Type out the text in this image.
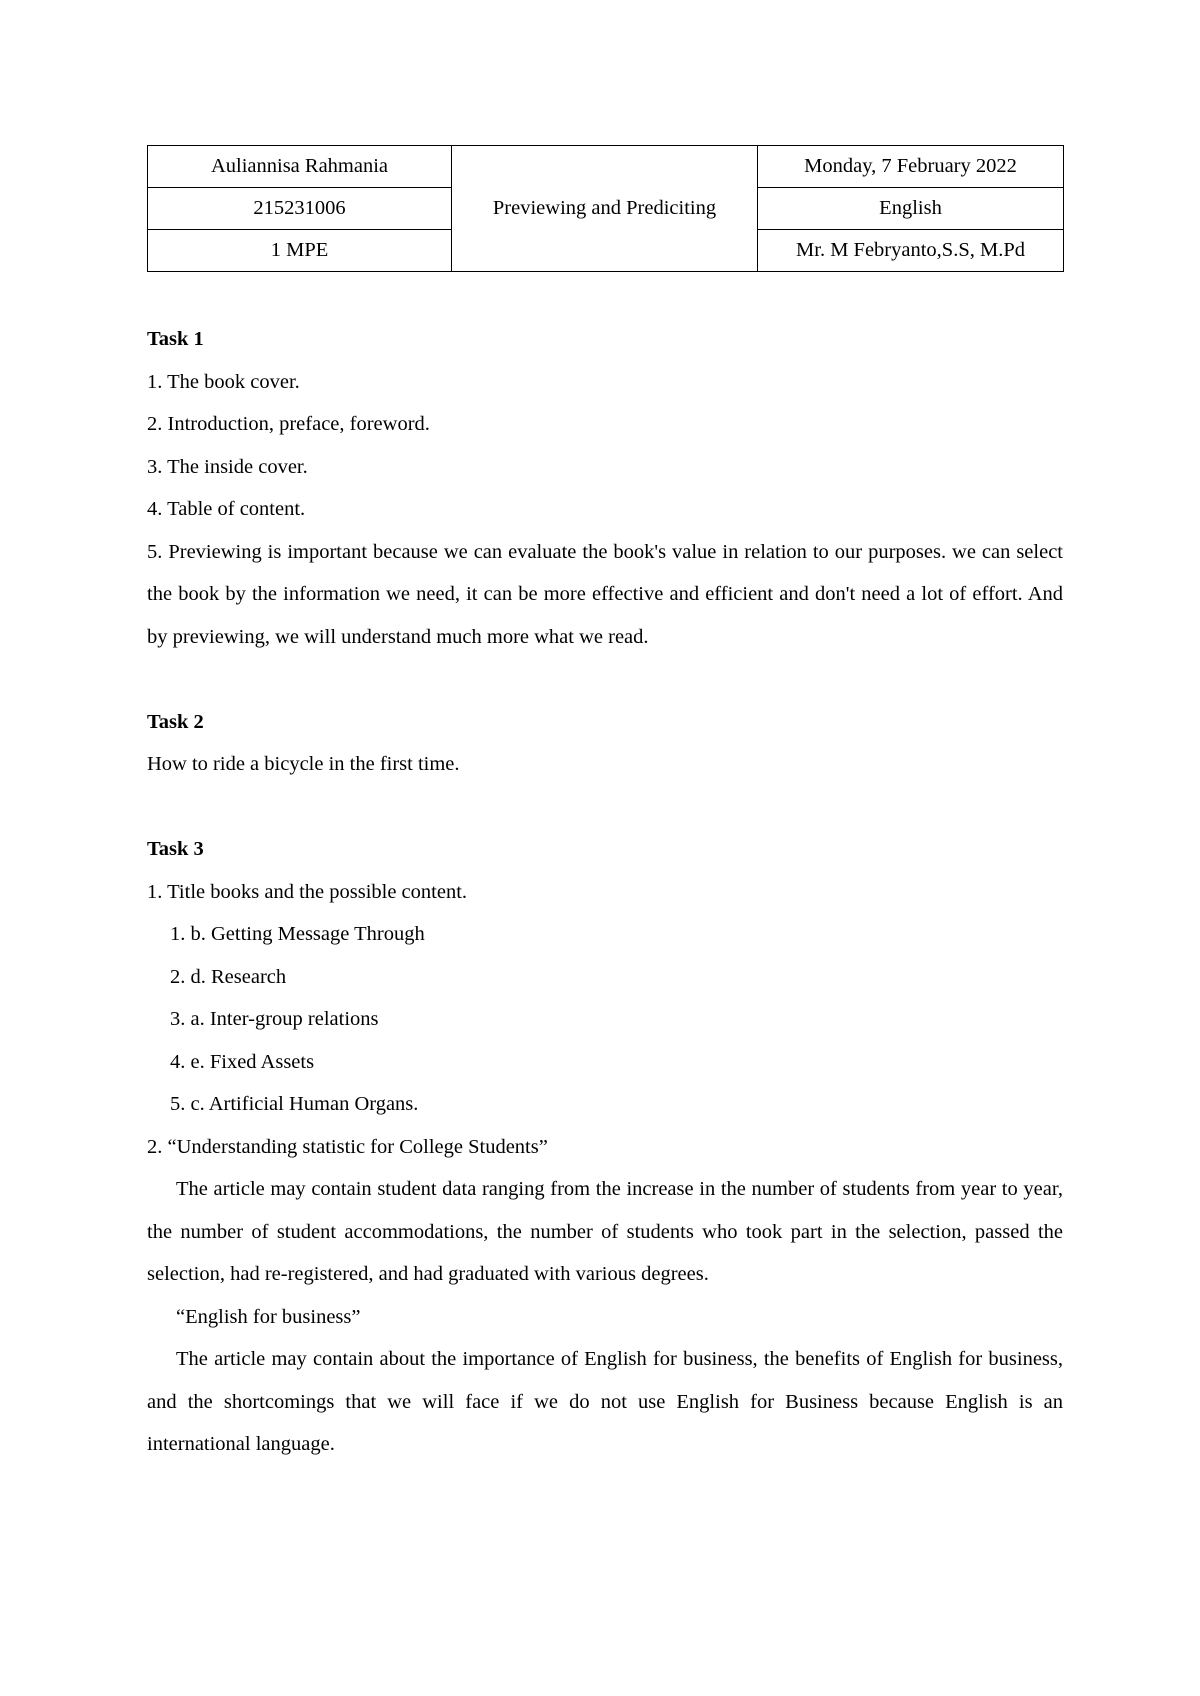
Auliannisa Rahmania	Previewing and Prediciting	Monday, 7 February 2022
215231006		English
1 MPE		Mr. M Febryanto,S.S, M.Pd

Task 1

1. The book cover.

2. Introduction, preface, foreword.

3. The inside cover.

4. Table of content.

5. Previewing is important because we can evaluate the book's value in relation to our purposes. we can select the book by the information we need, it can be more effective and efficient and don't need a lot of effort. And by previewing, we will understand much more what we read.

Task 2

How to ride a bicycle in the first time.

Task 3

1. Title books and the possible content.

1. b. Getting Message Through

2. d. Research

3. a. Inter-group relations

4. e. Fixed Assets

5. c. Artificial Human Organs.

2. “Understanding statistic for College Students”

The article may contain student data ranging from the increase in the number of students from year to year, the number of student accommodations, the number of students who took part in the selection, passed the selection, had re-registered, and had graduated with various degrees.

“English for business”

The article may contain about the importance of English for business, the benefits of English for business, and the shortcomings that we will face if we do not use English for Business because English is an international language.
